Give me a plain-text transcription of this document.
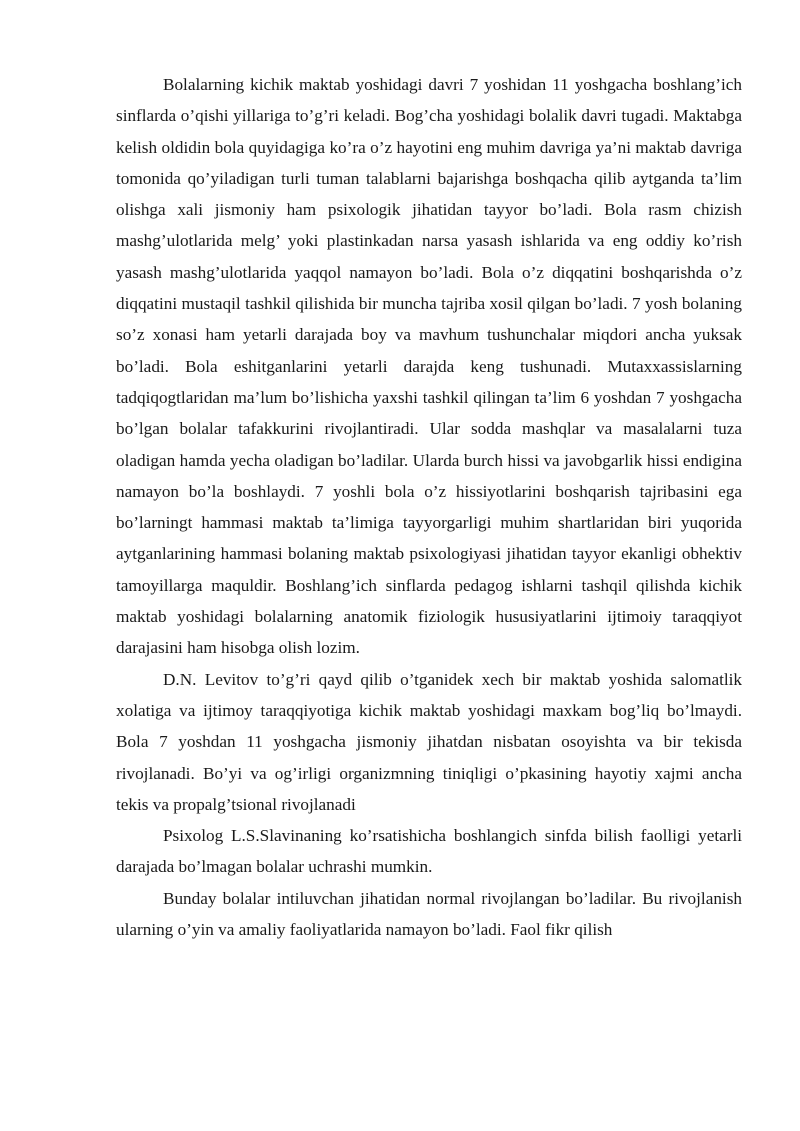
Bolalarning kichik maktab yoshidagi davri 7 yoshidan 11 yoshgacha boshlang’ich sinflarda o’qishi yillariga to’g’ri keladi. Bog’cha yoshidagi bolalik davri tugadi. Maktabga kelish oldidin bola quyidagiga ko’ra o’z hayotini eng muhim davriga ya’ni maktab davriga tomonida qo’yiladigan turli tuman talablarni bajarishga boshqacha qilib aytganda ta’lim olishga xali jismoniy ham psixologik jihatidan tayyor bo’ladi. Bola rasm chizish mashg’ulotlarida melg’ yoki plastinkadan narsa yasash ishlarida va eng oddiy ko’rish yasash mashg’ulotlarida yaqqol namayon bo’ladi. Bola o’z diqqatini boshqarishda o’z diqqatini mustaqil tashkil qilishida bir muncha tajriba xosil qilgan bo’ladi. 7 yosh bolaning so’z xonasi ham yetarli darajada boy va mavhum tushunchalar miqdori ancha yuksak bo’ladi. Bola eshitganlarini yetarli darajda keng tushunadi. Mutaxxassislarning tadqiqogtlaridan ma’lum bo’lishicha yaxshi tashkil qilingan ta’lim 6 yoshdan 7 yoshgacha bo’lgan bolalar tafakkurini rivojlantiradi. Ular sodda mashqlar va masalalarni tuza oladigan hamda yecha oladigan bo’ladilar. Ularda burch hissi va javobgarlik hissi endigina namayon bo’la boshlaydi. 7 yoshli bola o’z hissiyotlarini boshqarish tajribasini ega bo’larningt hammasi maktab ta’limiga tayyorgarligi muhim shartlaridan biri yuqorida aytganlarining hammasi bolaning maktab psixologiyasi jihatidan tayyor ekanligi obhektiv tamoyillarga maquldir. Boshlang’ich sinflarda pedagog ishlarni tashqil qilishda kichik maktab yoshidagi bolalarning anatomik fiziologik hususiyatlarini ijtimoiy taraqqiyot darajasini ham hisobga olish lozim.

D.N. Levitov to’g’ri qayd qilib o’tganidek xech bir maktab yoshida salomatlik xolatiga va ijtimoy taraqqiyotiga kichik maktab yoshidagi maxkam bog’liq bo’lmaydi. Bola 7 yoshdan 11 yoshgacha jismoniy jihatdan nisbatan osoyishta va bir tekisda rivojlanadi. Bo’yi va og’irligi organizmning tiniqligi o’pkasining hayotiy xajmi ancha tekis va propalg’tsional rivojlanadi

Psixolog L.S.Slavinaning ko’rsatishicha boshlangich sinfda bilish faolligi yetarli darajada bo’lmagan bolalar uchrashi mumkin.

Bunday bolalar intiluvchan jihatidan normal rivojlangan bo’ladilar. Bu rivojlanish ularning o’yin va amaliy faoliyatlarida namayon bo’ladi. Faol fikr qilish
